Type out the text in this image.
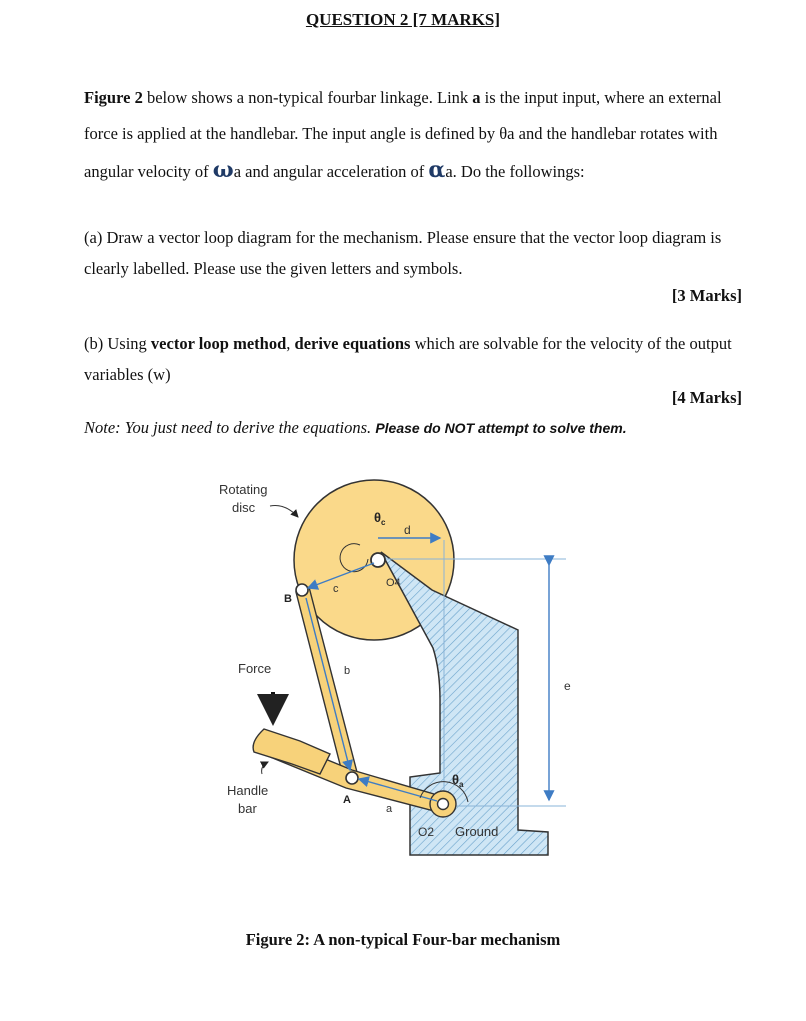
QUESTION 2 [7 MARKS]

Figure 2 below shows a non-typical fourbar linkage. Link a is the input input, where an external force is applied at the handlebar. The input angle is defined by θa and the handlebar rotates with angular velocity of ωa and angular acceleration of αa. Do the followings:

(a) Draw a vector loop diagram for the mechanism. Please ensure that the vector loop diagram is clearly labelled. Please use the given letters and symbols.

[3 Marks]

(b) Using vector loop method, derive equations which are solvable for the velocity of the output variables (w)

[4 Marks]
Note: You just need to derive the equations. Please do NOT attempt to solve them.
e
d
$\theta_c$
$\theta_a$
Rotating
disc
c
B
O4
Force	b
Handle
bar
A
a
O2 Ground
Figure 2: A non-typical Four-bar mechanism
